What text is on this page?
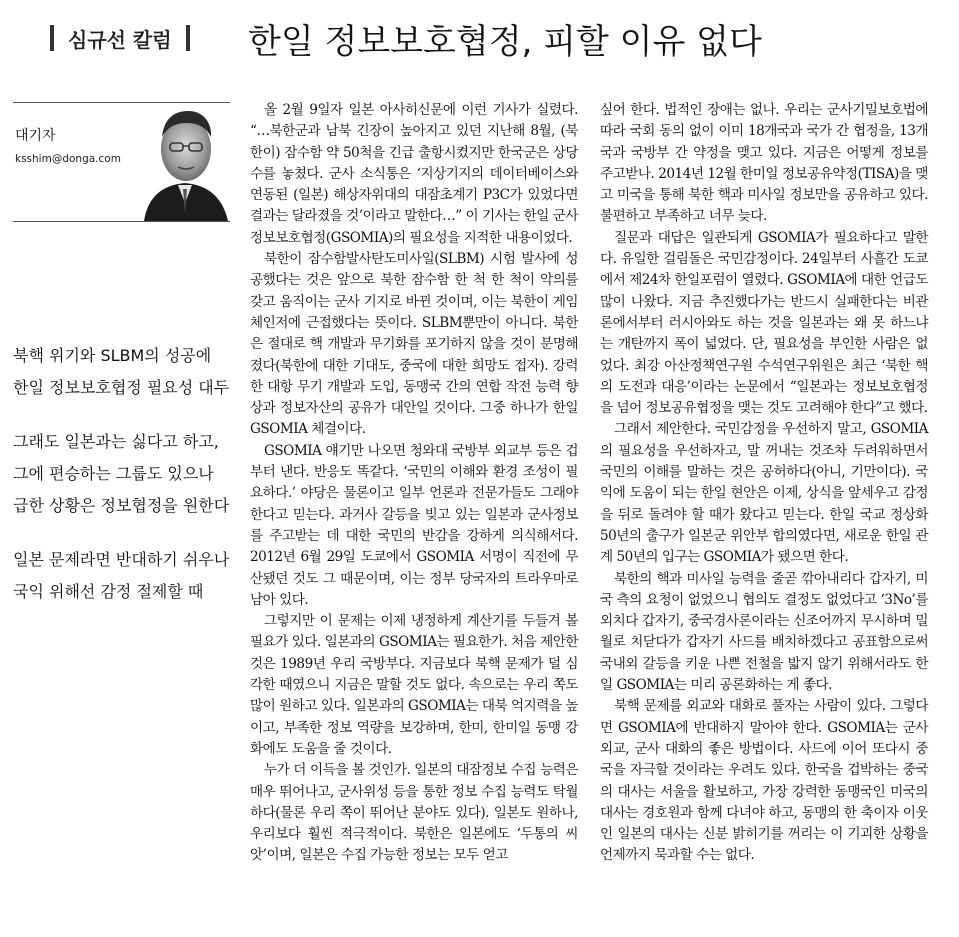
심규선 칼럼 한일 정보보호협정, 피할 이유 없다
대기자
ksshim@donga.com
북핵 위기와 SLBM의 성공에
한일 정보보호협정 필요성 대두
그래도 일본과는 싫다고 하고,
그에 편승하는 그룹도 있으나
급한 상황은 정보협정을 원한다
일본 문제라면 반대하기 쉬우나
국익 위해선 감정 절제할 때

올 2월 9일자 일본 아사히신문에 이런 기사가 실렸다. “…북한군과 남북 긴장이 높아지고 있던 지난해 8월, (북한이) 잠수함 약 50척을 긴급 출항시켰지만 한국군은 상당수를 놓쳤다. 군사 소식통은 ‘지상기지의 데이터베이스와 연동된 (일본) 해상자위대의 대잠초계기 P3C가 있었다면 결과는 달라졌을 것’이라고 말한다…” 이 기사는 한일 군사정보보호협정(GSOMIA)의 필요성을 지적한 내용이었다.

북한이 잠수함발사탄도미사일(SLBM) 시험 발사에 성공했다는 것은 앞으로 북한 잠수함 한 척 한 척이 악의를 갖고 움직이는 군사 기지로 바뀐 것이며, 이는 북한이 게임 체인저에 근접했다는 뜻이다. SLBM뿐만이 아니다. 북한은 절대로 핵 개발과 무기화를 포기하지 않을 것이 분명해졌다(북한에 대한 기대도, 중국에 대한 희망도 접자). 강력한 대항 무기 개발과 도입, 동맹국 간의 연합 작전 능력 향상과 정보자산의 공유가 대안일 것이다. 그중 하나가 한일 GSOMIA 체결이다.

GSOMIA 얘기만 나오면 청와대 국방부 외교부 등은 겁부터 낸다. 반응도 똑같다. ‘국민의 이해와 환경 조성이 필요하다.’ 야당은 물론이고 일부 언론과 전문가들도 그래야 한다고 믿는다. 과거사 갈등을 빚고 있는 일본과 군사정보를 주고받는 데 대한 국민의 반감을 강하게 의식해서다. 2012년 6월 29일 도쿄에서 GSOMIA 서명이 직전에 무산됐던 것도 그 때문이며, 이는 정부 당국자의 트라우마로 남아 있다.

그렇지만 이 문제는 이제 냉정하게 계산기를 두들겨 볼 필요가 있다. 일본과의 GSOMIA는 필요한가. 처음 제안한 것은 1989년 우리 국방부다. 지금보다 북핵 문제가 덜 심각한 때였으니 지금은 말할 것도 없다. 속으로는 우리 쪽도 많이 원하고 있다. 일본과의 GSOMIA는 대북 억지력을 높이고, 부족한 정보 역량을 보강하며, 한미, 한미일 동맹 강화에도 도움을 줄 것이다.

누가 더 이득을 볼 것인가. 일본의 대잠정보 수집 능력은 매우 뛰어나고, 군사위성 등을 통한 정보 수집 능력도 탁월하다(물론 우리 쪽이 뛰어난 분야도 있다). 일본도 원하나, 우리보다 훨씬 적극적이다. 북한은 일본에도 ‘두통의 씨앗’이며, 일본은 수집 가능한 정보는 모두 얻고

싶어 한다. 법적인 장애는 없나. 우리는 군사기밀보호법에 따라 국회 동의 없이 이미 18개국과 국가 간 협정을, 13개국과 국방부 간 약정을 맺고 있다. 지금은 어떻게 정보를 주고받나. 2014년 12월 한미일 정보공유약정(TISA)을 맺고 미국을 통해 북한 핵과 미사일 정보만을 공유하고 있다. 불편하고 부족하고 너무 늦다.

질문과 대답은 일관되게 GSOMIA가 필요하다고 말한다. 유일한 걸림돌은 국민감정이다. 24일부터 사흘간 도쿄에서 제24차 한일포럼이 열렸다. GSOMIA에 대한 언급도 많이 나왔다. 지금 추진했다가는 반드시 실패한다는 비관론에서부터 러시아와도 하는 것을 일본과는 왜 못 하느냐는 개탄까지 폭이 넓었다. 단, 필요성을 부인한 사람은 없었다. 최강 아산정책연구원 수석연구위원은 최근 ‘북한 핵의 도전과 대응’이라는 논문에서 “일본과는 정보보호협정을 넘어 정보공유협정을 맺는 것도 고려해야 한다”고 했다.

그래서 제안한다. 국민감정을 우선하지 말고, GSOMIA의 필요성을 우선하자고, 말 꺼내는 것조차 두려워하면서 국민의 이해를 말하는 것은 공허하다(아니, 기만이다). 국익에 도움이 되는 한일 현안은 이제, 상식을 앞세우고 감정을 뒤로 돌려야 할 때가 왔다고 믿는다. 한일 국교 정상화 50년의 출구가 일본군 위안부 합의였다면, 새로운 한일 관계 50년의 입구는 GSOMIA가 됐으면 한다.

북한의 핵과 미사일 능력을 줄곧 깎아내리다 갑자기, 미국 측의 요청이 없었으니 협의도 결정도 없었다고 ‘3No’를 외치다 갑자기, 중국경사론이라는 신조어까지 무시하며 밀월로 치닫다가 갑자기 사드를 배치하겠다고 공표함으로써 국내외 갈등을 키운 나쁜 전철을 밟지 않기 위해서라도 한일 GSOMIA는 미리 공론화하는 게 좋다.

북핵 문제를 외교와 대화로 풀자는 사람이 있다. 그렇다면 GSOMIA에 반대하지 말아야 한다. GSOMIA는 군사 외교, 군사 대화의 좋은 방법이다. 사드에 이어 또다시 중국을 자극할 것이라는 우려도 있다. 한국을 겁박하는 중국의 대사는 서울을 활보하고, 가장 강력한 동맹국인 미국의 대사는 경호원과 함께 다녀야 하고, 동맹의 한 축이자 이웃인 일본의 대사는 신분 밝히기를 꺼리는 이 기괴한 상황을 언제까지 묵과할 수는 없다.
